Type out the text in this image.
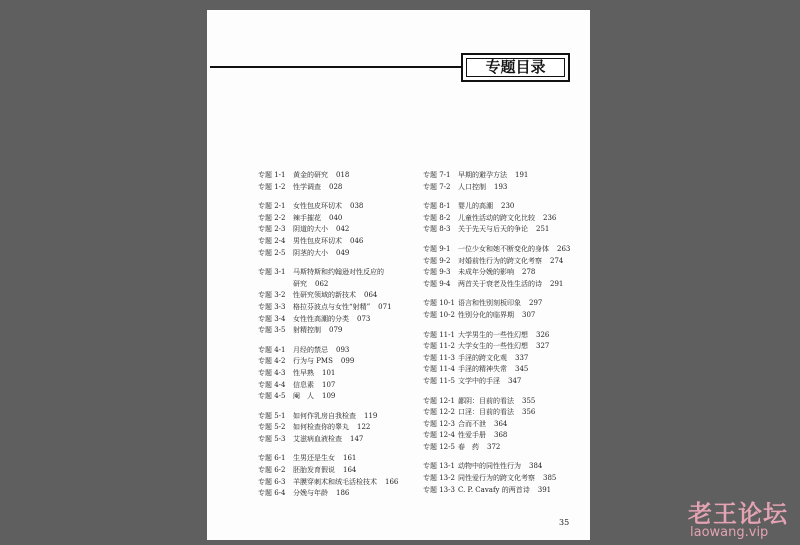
专题目录
专题 1-1 黄金的研究 018
专题 1-2 性学调查 028
专题 2-1 女性包皮环切术 038
专题 2-2 辣手摧花 040
专题 2-3 阴道的大小 042
专题 2-4 男性包皮环切术 046
专题 2-5 阴茎的大小 049
专题 3-1 马斯特斯和约翰逊对性反应的
研究 062
专题 3-2 性研究领域的新技术 064
专题 3-3 格拉芬波点与女性“射精” 071
专题 3-4 女性性高潮的分类 073
专题 3-5 射精控制 079
专题 4-1 月经的禁忌 093
专题 4-2 行为与 PMS 099
专题 4-3 性早熟 101
专题 4-4 信息素 107
专题 4-5 阉　人 109
专题 5-1 如何作乳房自我检查 119
专题 5-2 如何检查你的睾丸 122
专题 5-3 艾滋病血液检查 147
专题 6-1 生男还是生女 161
专题 6-2 胚胎发育假说 164
专题 6-3 羊膜穿刺术和绒毛活检技术 166
专题 6-4 分娩与年龄 186
专题 7-1 早期的避孕方法 191
专题 7-2 人口控制 193
专题 8-1 婴儿的高潮 230
专题 8-2 儿童性活动的跨文化比较 236
专题 8-3 关于先天与后天的争论 251
专题 9-1 一位少女和她不断变化的身体 263
专题 9-2 对婚前性行为的跨文化考察 274
专题 9-3 未成年分娩的影响 278
专题 9-4 两首关于衰老及性生活的诗 291
专题 10-1 语言和性别刻板印象 297
专题 10-2 性别分化的临界期 307
专题 11-1 大学男生的一些性幻想 326
专题 11-2 大学女生的一些性幻想 327
专题 11-3 手淫的跨文化观 337
专题 11-4 手淫的精神失常 345
专题 11-5 文学中的手淫 347
专题 12-1 鄙阴：目前的看法 355
专题 12-2 口淫：目前的看法 356
专题 12-3 合而不泄 364
专题 12-4 性爱手册 368
专题 12-5 春　药 372
专题 13-1 动物中的同性性行为 384
专题 13-2 同性爱行为的跨文化考察 385
专题 13-3 C. P. Cavafy 的两首诗 391
35	老王论坛
laowang.vip
